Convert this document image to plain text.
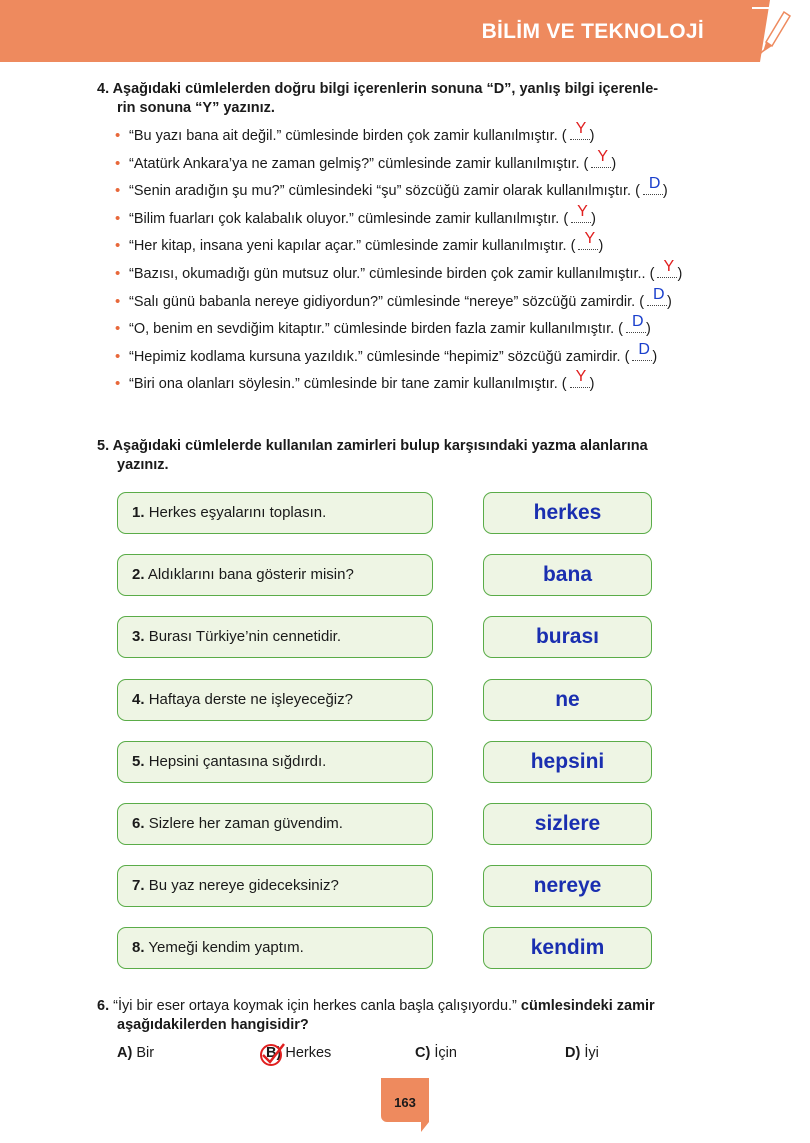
BİLİM VE TEKNOLOJİ
4. Aşağıdaki cümlelerden doğru bilgi içerenlerin sonuna “D”, yanlış bilgi içerenle-
rin sonuna “Y” yazınız.
• “Bu yazı bana ait değil.” cümlesinde birden çok zamir kullanılmıştır. ( Y )
• “Atatürk Ankara’ya ne zaman gelmiş?” cümlesinde zamir kullanılmıştır. ( Y )
• “Senin aradığın şu mu?” cümlesindeki “şu” sözcüğü zamir olarak kullanılmıştır. ( D )
• “Bilim fuarları çok kalabalık oluyor.” cümlesinde zamir kullanılmıştır. ( Y )
• “Her kitap, insana yeni kapılar açar.” cümlesinde zamir kullanılmıştır. ( Y )
• “Bazısı, okumadığı gün mutsuz olur.” cümlesinde birden çok zamir kullanılmıştır.. ( Y )
• “Salı günü babanla nereye gidiyordun?” cümlesinde “nereye” sözcüğü zamirdir. ( D )
• “O, benim en sevdiğim kitaptır.” cümlesinde birden fazla zamir kullanılmıştır. ( D )
• “Hepimiz kodlama kursuna yazıldık.” cümlesinde “hepimiz” sözcüğü zamirdir. ( D )
• “Biri ona olanları söylesin.” cümlesinde bir tane zamir kullanılmıştır. ( Y )
5. Aşağıdaki cümlelerde kullanılan zamirleri bulup karşısındaki yazma alanlarına
yazınız.
1. Herkes eşyalarını toplasın.	herkes
2. Aldıklarını bana gösterir misin?	bana
3. Burası Türkiye’nin cennetidir.	burası
4. Haftaya derste ne işleyeceğiz?	ne
5. Hepsini çantasına sığdırdı.	hepsini
6. Sizlere her zaman güvendim.	sizlere
7. Bu yaz nereye gideceksiniz?	nereye
8. Yemeği kendim yaptım.	kendim
6. “İyi bir eser ortaya koymak için herkes canla başla çalışıyordu.” cümlesindeki zamir
aşağıdakilerden hangisidir?
A) Bir	B) Herkes	C) İçin	D) İyi
163
